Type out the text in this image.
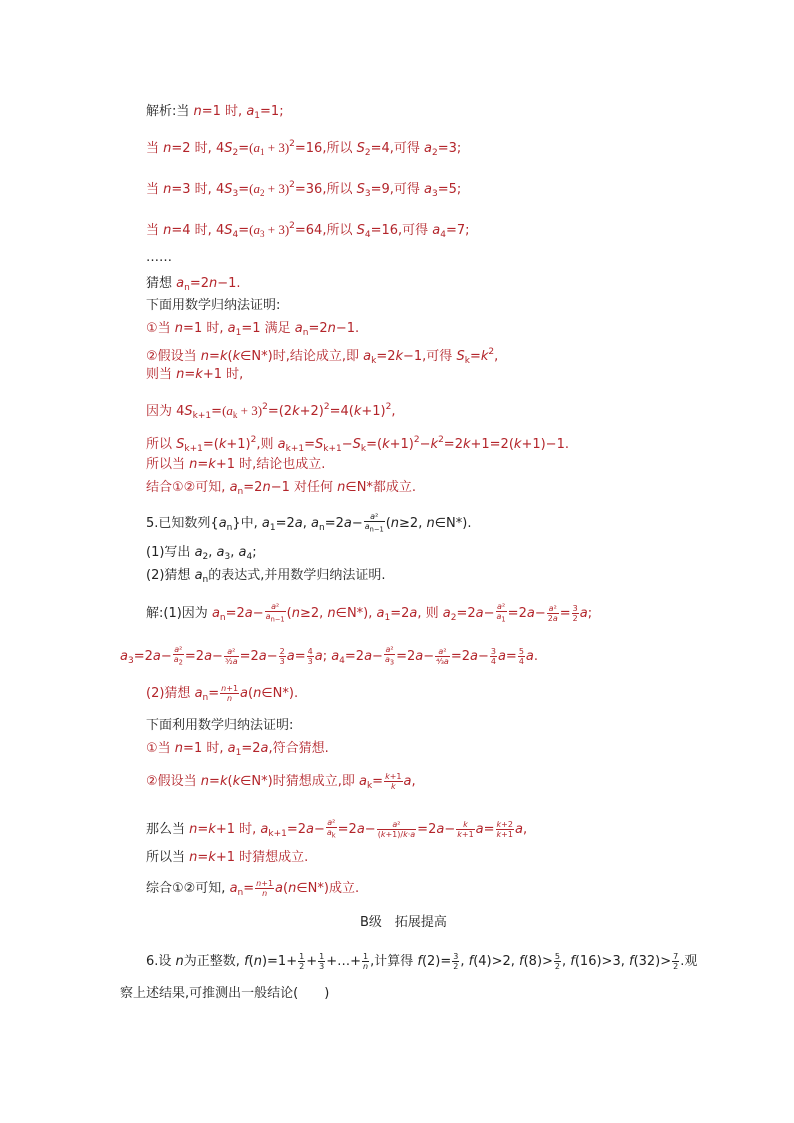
解析:当 n=1 时, $a_1=1$;
当 n=2 时, $4S_2=(a_1 + 3)^2=16$,所以 $S_2=4$,可得 $a_2=3$;
当 n=3 时, $4S_3=(a_2 + 3)^2=36$,所以 $S_3=9$,可得 $a_3=5$;
当 n=4 时, $4S_4=(a_3 + 3)^2=64$,所以 $S_4=16$,可得 $a_4=7$;
……
猜想 $a_n=2n-1$.
下面用数学归纳法证明:
①当 n=1 时, $a_1=1$ 满足 $a_n=2n-1$.
②假设当 n=k(k∈N*)时,结论成立,即 $a_k=2k-1$,可得 $S_k=k^2$,
则当 n=k+1 时,
因为 $4S_{k+1}=(a_k + 3)^2=(2k+2)^2=4(k+1)^2$,
所以 $S_{k+1}=(k+1)^2$,则 $a_{k+1}=S_{k+1}-S_k=(k+1)^2-k^2=2k+1=2(k+1)-1$.
所以当 n=k+1 时,结论也成立.
结合①②可知, $a_n=2n-1$ 对任何 n∈N*都成立.
5.已知数列$\{a_n\}$中, $a_1=2a$, $a_n=2a- \frac{\text{a²}}{a_{n-1}} (n\ge 2$, n∈N*).
(1)写出 $a_2$, $a_3$, $a_4$;
(2)猜想 $a_n$的表达式,并用数学归纳法证明.
解:(1)因为 $a_n=2a- \frac{\text{a²}}{a_{n-1}} (n\ge 2$, n∈N*), $a_1=2a$, 则 $a_2=2a- \frac{\text{a²}}{a_1} =2a- \frac{\text{a²}}{2a} = \frac{3}{2} a$;
$a_3=2a- \frac{\text{a²}}{a_2} =2a- \frac{\text{a²}}{\text{³⁄₂a}} =2a- \frac{2}{3} a= \frac{4}{3} a$; $a_4=2a- \frac{\text{a²}}{a_3} =2a- \frac{\text{a²}}{\text{⁴⁄₃a}} =2a- \frac{3}{4} a= \frac{5}{4} a$.
(2)猜想 $a_n= \frac{n+1}{n}$ a(n∈N*).
下面利用数学归纳法证明:
①当 n=1 时, $a_1=2a$,符合猜想.
②假设当 n=k(k∈N*)时猜想成立,即 $a_k= \frac{k+1}{k} a$,
那么当 n=k+1 时, $a_{k+1}=2a- \frac{\text{a²}}{a_k} =2a- \frac{\text{a²}}{(k+1)/k\cdot a} =2a- \frac{k}{k+1} a= \frac{k+2}{k+1} a$,
所以当 n=k+1 时猜想成立.
综合①②可知, $a_n= \frac{n+1}{n}$ a(n∈N*)成立.
B级　拓展提高
6.设 n为正整数, $f(n)=1+ \frac{1}{2} + \frac{1}{3}$ +…+ $\frac{1}{n}$ ,计算得 $f(2)= \frac{3}{2}$ , f(4)>2, $f(8)> \frac{5}{2}$ , f(16)>3, $f(32)> \frac{7}{2}$ .观
察上述结果,可推测出一般结论(　　)
